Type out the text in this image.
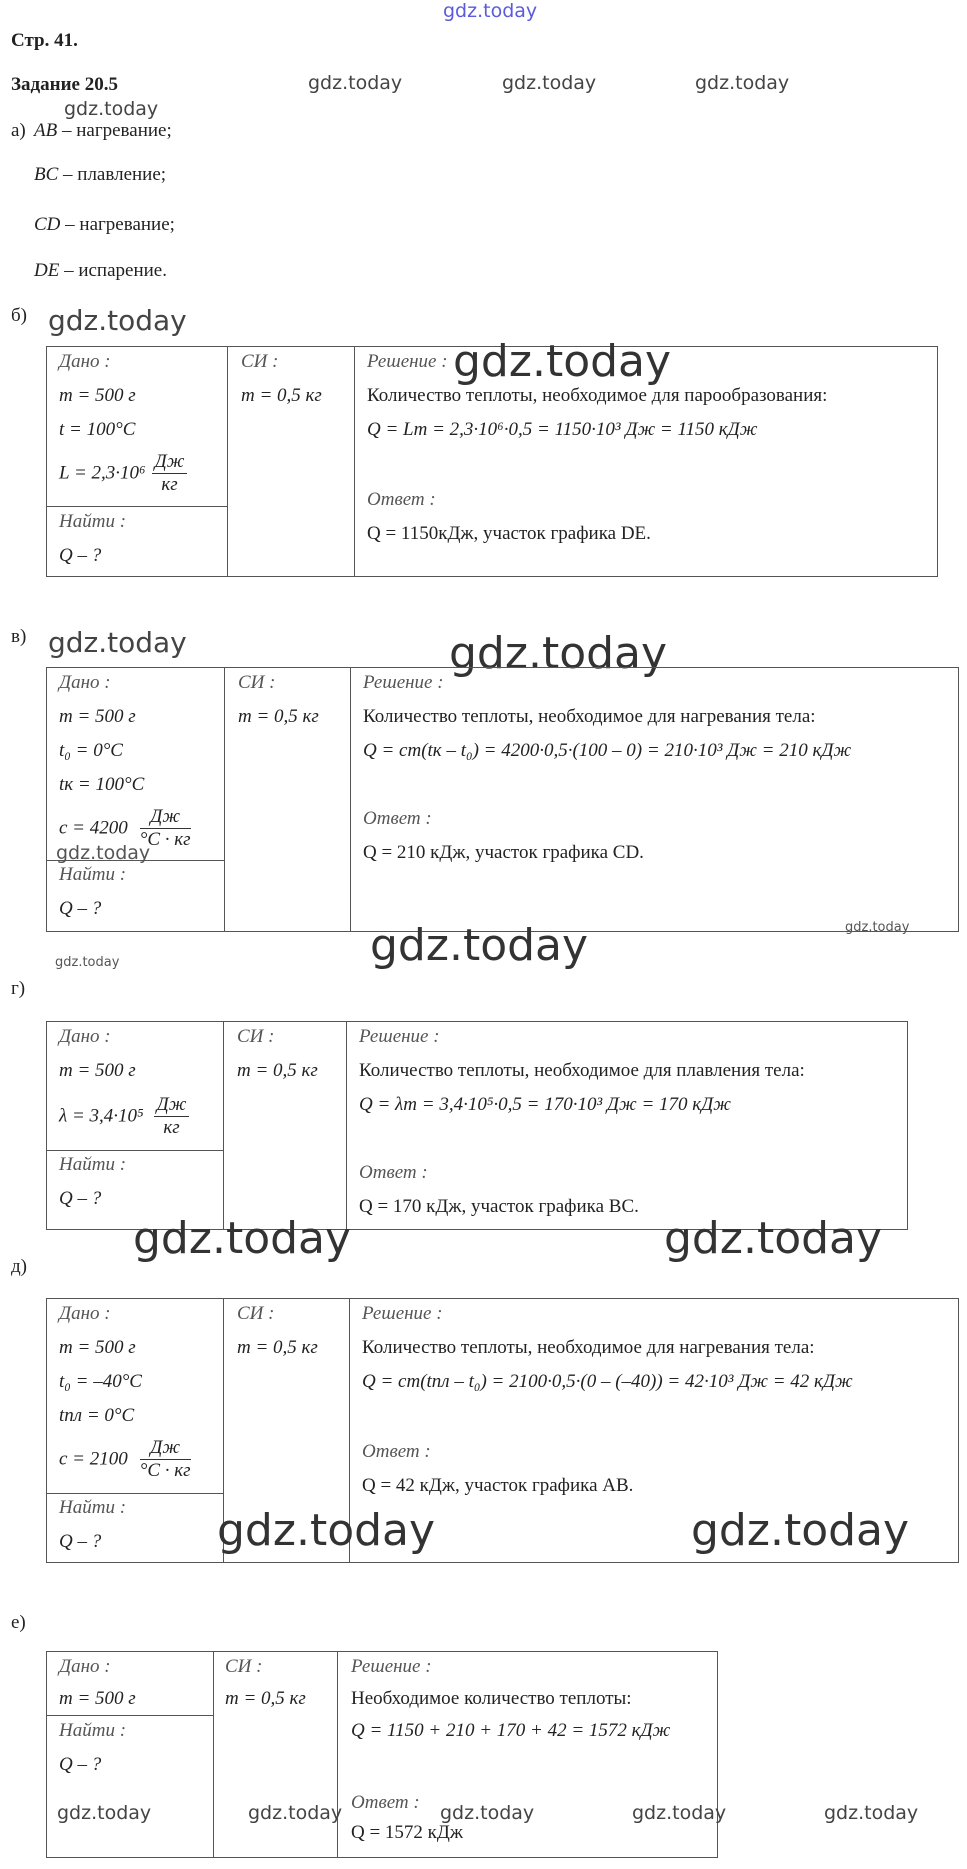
gdz.today
Стр. 41.
Задание 20.5	gdz.today	gdz.today	gdz.today
gdz.today
а) AB – нагревание;
BC – плавление;
CD – нагревание;
DE – испарение.
б) gdz.today
Дано :
m = 500 г
t = 100°C
$L = 2,3\cdot 10^6 \frac{Дж}{кг}$
Найти :
Q – ?
СИ :
m = 0,5 кг
Решение :
Количество теплоты, необходимое для парообразования:
Q = Lm = 2,3·10⁶·0,5 = 1150·10³ Дж = 1150 кДж
Ответ :
Q = 1150кДж, участок графика DE.
gdz.today
в) gdz.today	gdz.today
Дано :
m = 500 г
t₀ = 0°C
tк = 100°C
$c = 4200 \frac{Дж}{^\circ C \cdot кг}$
gdz.today
Найти :
Q – ?
СИ :
m = 0,5 кг
Решение :
Количество теплоты, необходимое для нагревания тела:
Q = cm(tк – t₀) = 4200·0,5·(100 – 0) = 210·10³ Дж = 210 кДж
Ответ :
Q = 210 кДж, участок графика CD.
gdz.today
gdz.today	gdz.today
г)
Дано :
m = 500 г
$\lambda = 3,4\cdot 10^5 \frac{Дж}{кг}$
Найти :
Q – ?
СИ :
m = 0,5 кг
Решение :
Количество теплоты, необходимое для плавления тела:
Q = λm = 3,4·10⁵·0,5 = 170·10³ Дж = 170 кДж
Ответ :
Q = 170 кДж, участок графика BC.
gdz.today	gdz.today
д)
Дано :
m = 500 г
t₀ = –40°C
tпл = 0°C
$c = 2100 \frac{Дж}{^\circ C \cdot кг}$
Найти :
Q – ?
СИ :
m = 0,5 кг
Решение :
Количество теплоты, необходимое для нагревания тела:
Q = cm(tпл – t₀) = 2100·0,5·(0 – (–40)) = 42·10³ Дж = 42 кДж
Ответ :
Q = 42 кДж, участок графика AB.
gdz.today	gdz.today
е)
Дано :
m = 500 г
Найти :
Q – ?
СИ :
m = 0,5 кг
Решение :
Необходимое количество теплоты:
Q = 1150 + 210 + 170 + 42 = 1572 кДж
Ответ :
Q = 1572 кДж
gdz.today	gdz.today	gdz.today	gdz.today	gdz.today
